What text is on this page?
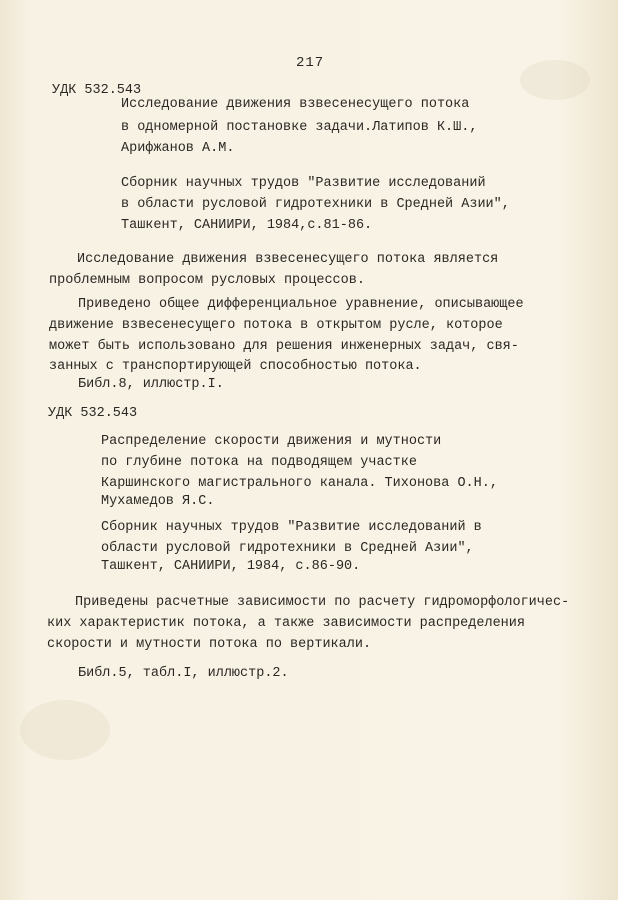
217
УДК 532.543
Исследование движения взвесенесущего потока
в одномерной постановке задачи.Латипов К.Ш.,
Арифжанов А.М.
Сборник научных трудов "Развитие исследований
в области русловой гидротехники в Средней Азии",
Ташкент, САНИИРИ, 1984,с.81-86.
Исследование движения взвесенесущего потока является
проблемным вопросом русловых процессов.
Приведено общее дифференциальное уравнение, описывающее
движение взвесенесущего потока в открытом русле, которое
может быть использовано для решения инженерных задач, свя-
занных с транспортирующей способностью потока.
Библ.8, иллюстр.I.
УДК 532.543
Распределение скорости движения и мутности
по глубине потока на подводящем участке
Каршинского магистрального канала. Тихонова О.Н.,
Мухамедов Я.С.
Сборник научных трудов "Развитие исследований в
области русловой гидротехники в Средней Азии",
Ташкент, САНИИРИ, 1984, с.86-90.
Приведены расчетные зависимости по расчету гидроморфологичес-
ких характеристик потока, а также зависимости распределения
скорости и мутности потока по вертикали.
Библ.5, табл.I, иллюстр.2.
